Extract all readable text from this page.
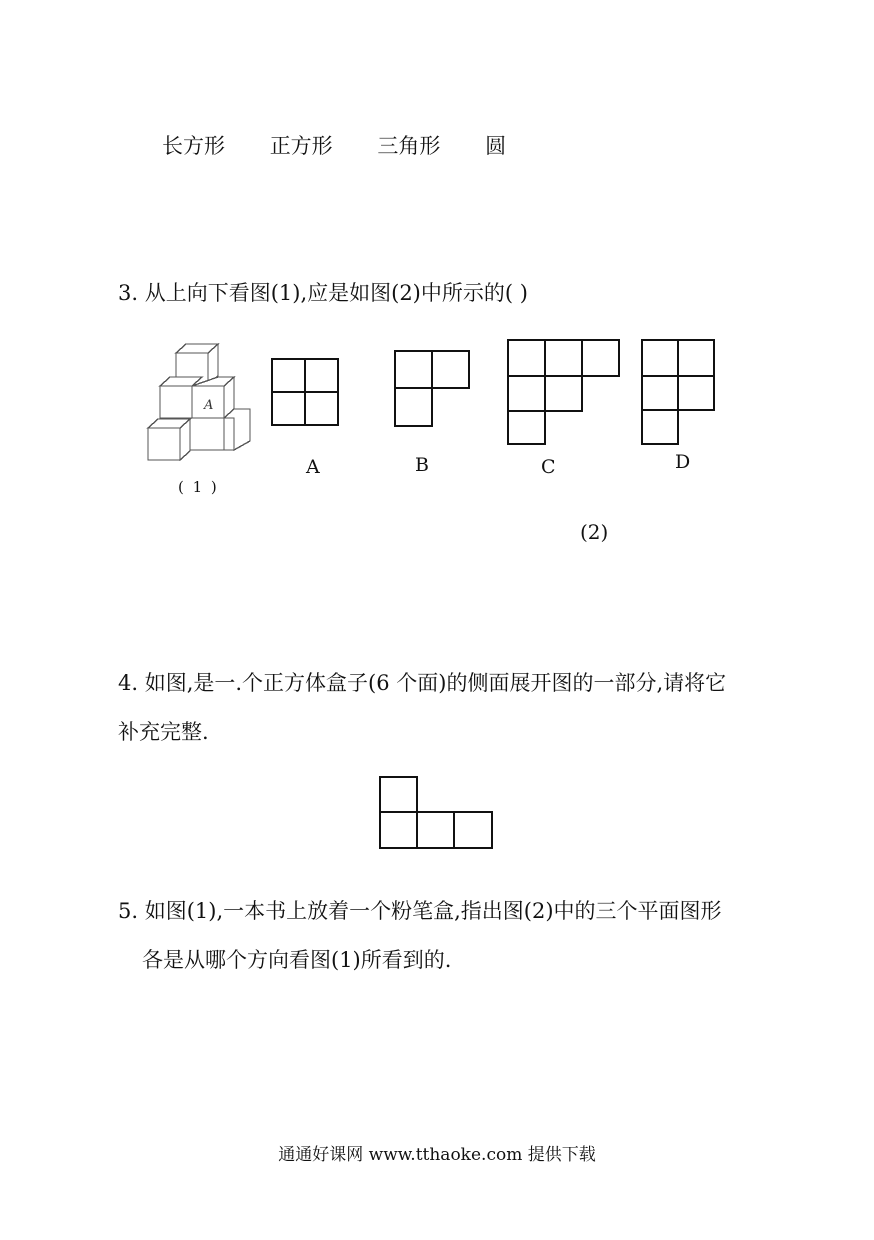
长方形 正方形 三角形 圆
3. 从上向下看图(1),应是如图(2)中所示的( )
A
( 1 )
A	B	C	D
(2)
4. 如图,是一.个正方体盒子(6 个面)的侧面展开图的一部分,请将它
补充完整.
5. 如图(1),一本书上放着一个粉笔盒,指出图(2)中的三个平面图形
各是从哪个方向看图(1)所看到的.
通通好课网 www.tthaoke.com 提供下载
